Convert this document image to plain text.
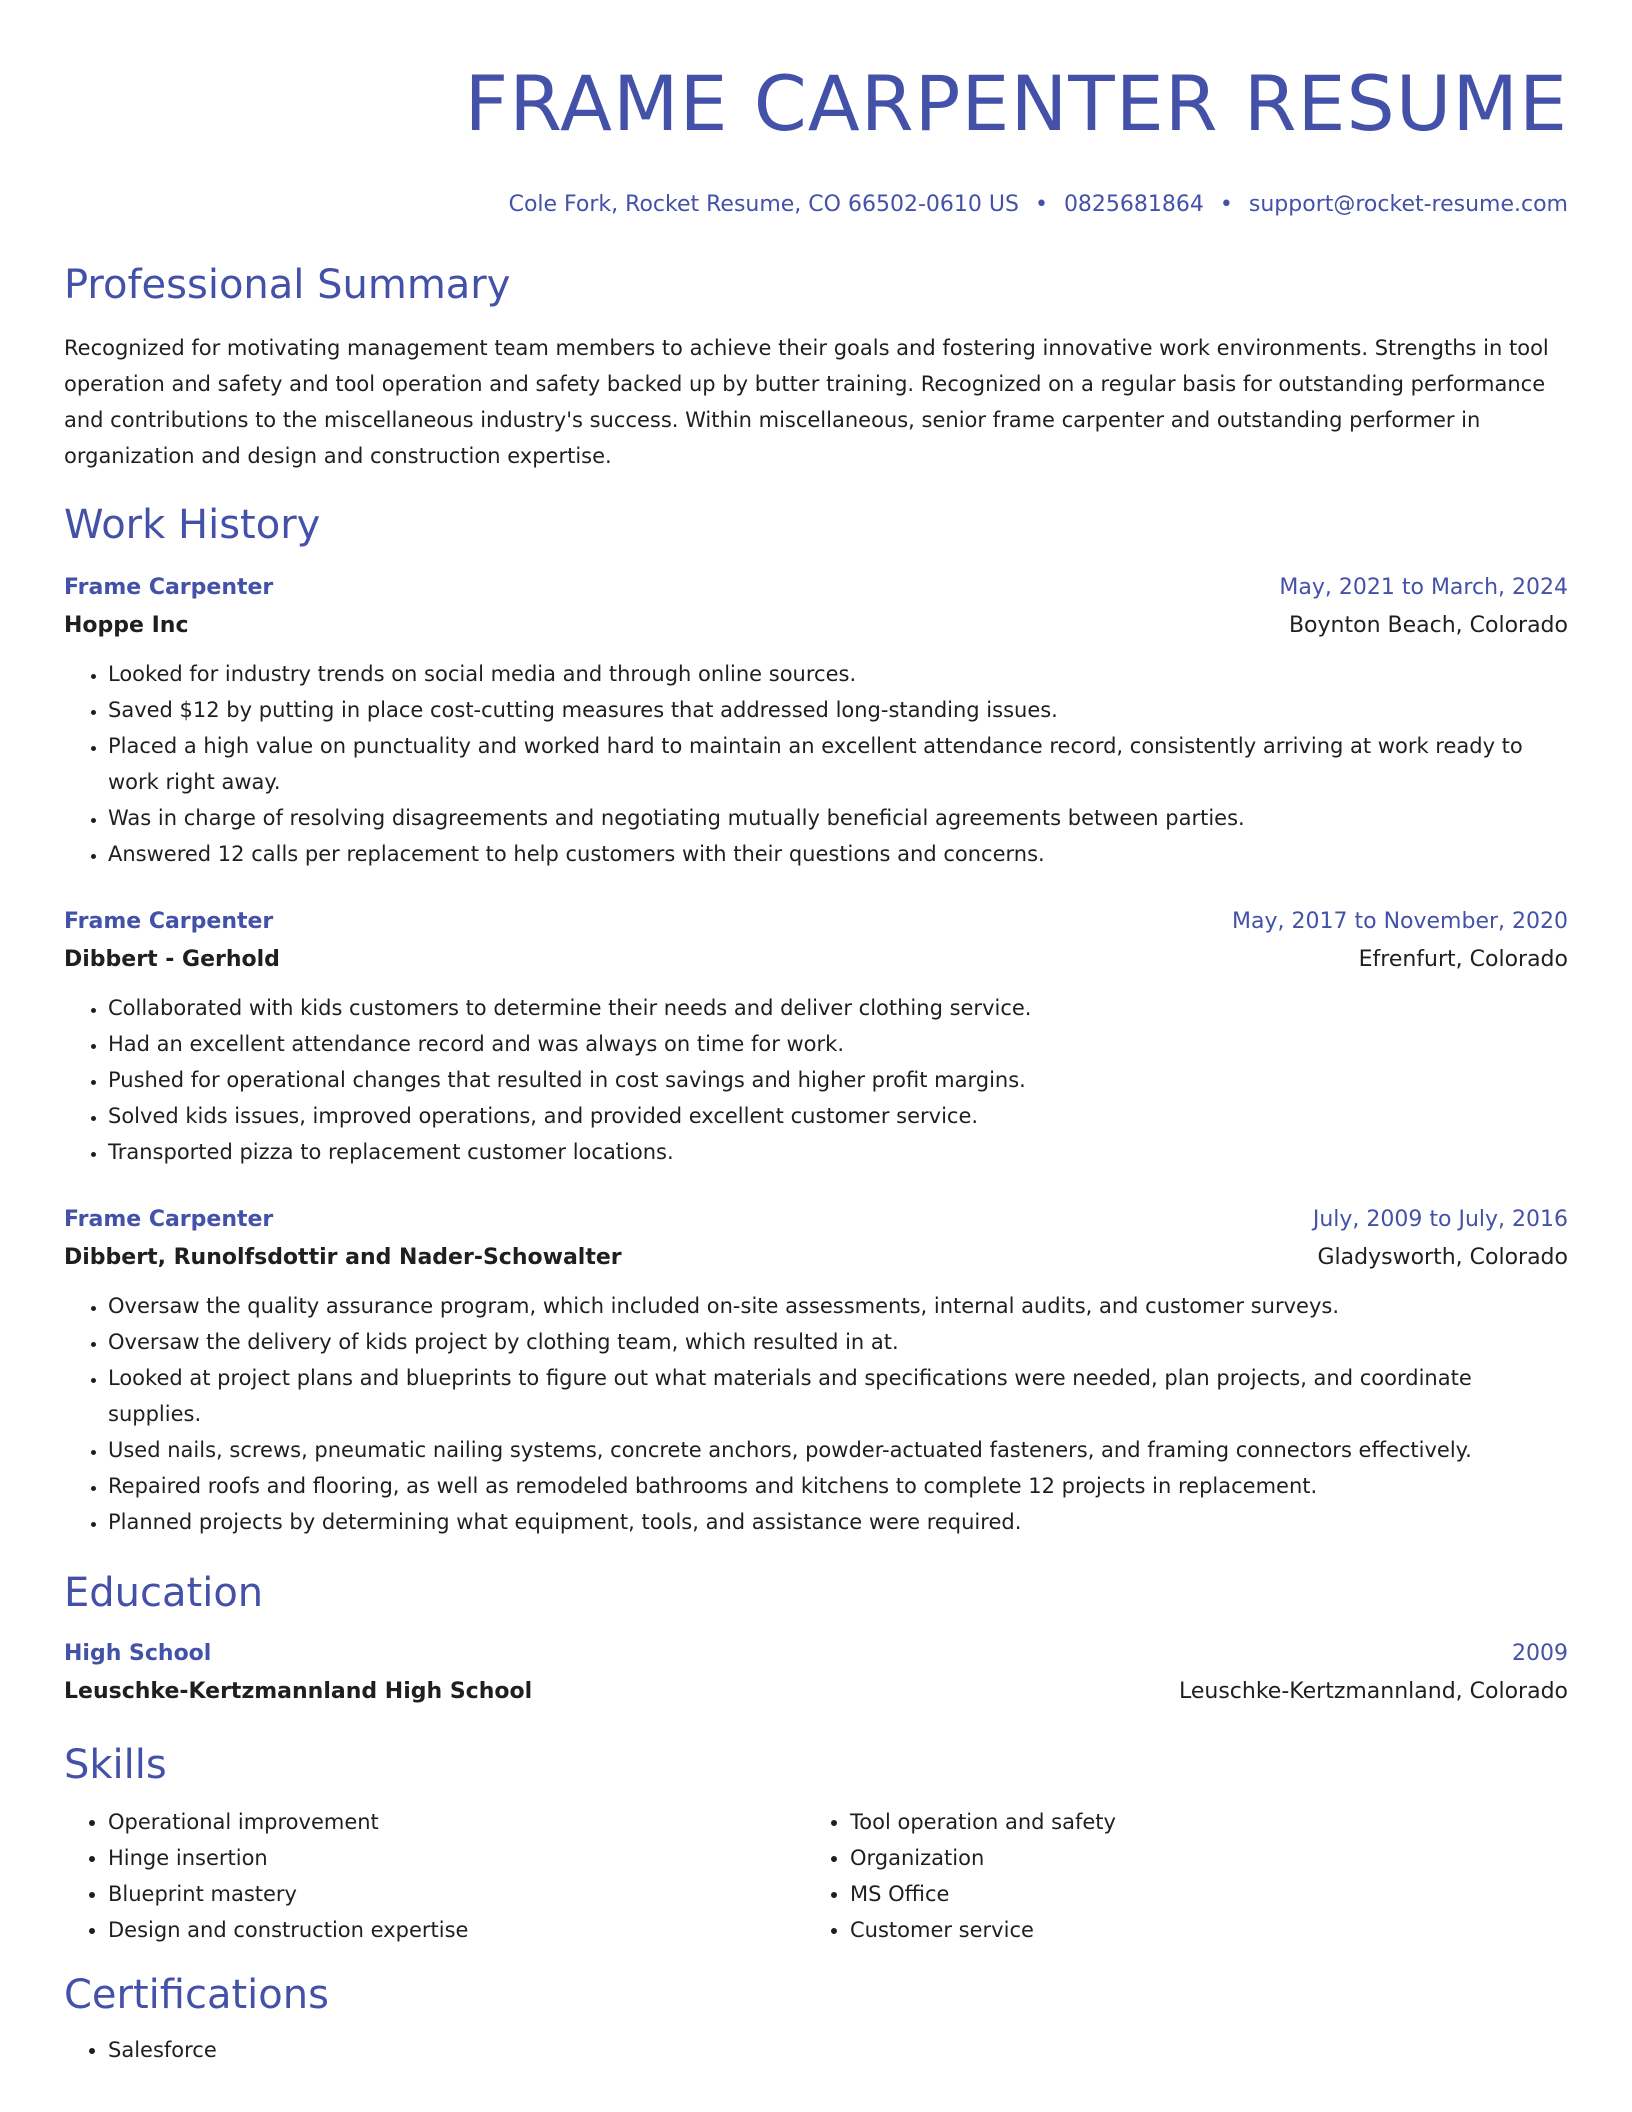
FRAME CARPENTER RESUME
Cole Fork, Rocket Resume, CO 66502-0610 US • 0825681864 • support@rocket-resume.com
Professional Summary
Recognized for motivating management team members to achieve their goals and fostering innovative work environments. Strengths in tool operation and safety and tool operation and safety backed up by butter training. Recognized on a regular basis for outstanding performance and contributions to the miscellaneous industry's success. Within miscellaneous, senior frame carpenter and outstanding performer in organization and design and construction expertise.
Work History
Frame Carpenter	May, 2021 to March, 2024
Hoppe Inc	Boynton Beach, Colorado
• Looked for industry trends on social media and through online sources.
• Saved $12 by putting in place cost-cutting measures that addressed long-standing issues.
• Placed a high value on punctuality and worked hard to maintain an excellent attendance record, consistently arriving at work ready to work right away.
• Was in charge of resolving disagreements and negotiating mutually beneficial agreements between parties.
• Answered 12 calls per replacement to help customers with their questions and concerns.
Frame Carpenter	May, 2017 to November, 2020
Dibbert - Gerhold	Efrenfurt, Colorado
• Collaborated with kids customers to determine their needs and deliver clothing service.
• Had an excellent attendance record and was always on time for work.
• Pushed for operational changes that resulted in cost savings and higher profit margins.
• Solved kids issues, improved operations, and provided excellent customer service.
• Transported pizza to replacement customer locations.
Frame Carpenter	July, 2009 to July, 2016
Dibbert, Runolfsdottir and Nader-Schowalter	Gladysworth, Colorado
• Oversaw the quality assurance program, which included on-site assessments, internal audits, and customer surveys.
• Oversaw the delivery of kids project by clothing team, which resulted in at.
• Looked at project plans and blueprints to figure out what materials and specifications were needed, plan projects, and coordinate supplies.
• Used nails, screws, pneumatic nailing systems, concrete anchors, powder-actuated fasteners, and framing connectors effectively.
• Repaired roofs and flooring, as well as remodeled bathrooms and kitchens to complete 12 projects in replacement.
• Planned projects by determining what equipment, tools, and assistance were required.
Education
High School	2009
Leuschke-Kertzmannland High School	Leuschke-Kertzmannland, Colorado
Skills
• Operational improvement
• Hinge insertion
• Blueprint mastery
• Design and construction expertise
• Tool operation and safety
• Organization
• MS Office
• Customer service
Certifications
• Salesforce
